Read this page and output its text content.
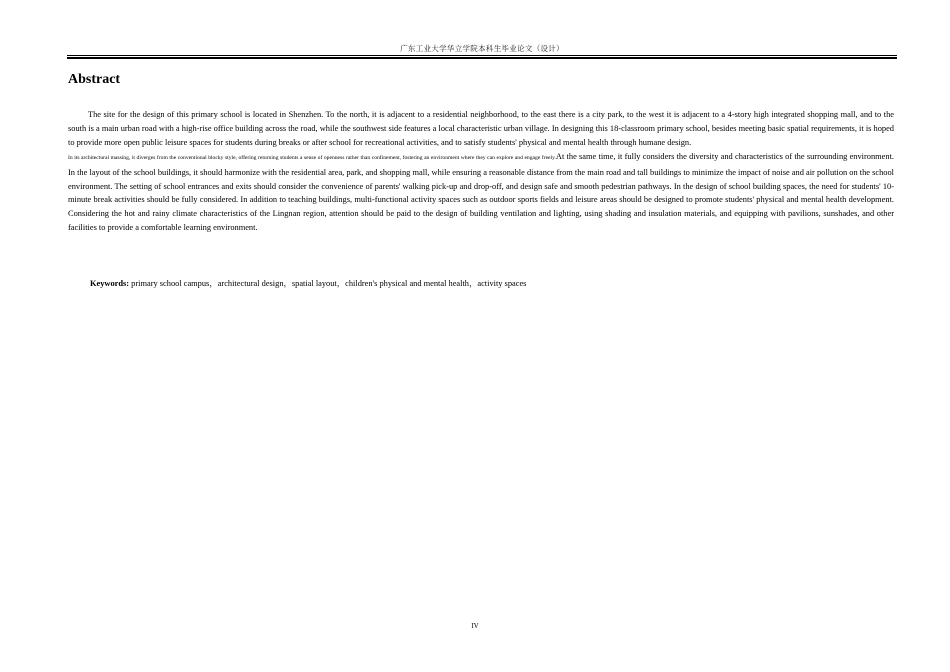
广东工业大学华立学院本科生毕业论文（设计）
Abstract

The site for the design of this primary school is located in Shenzhen. To the north, it is adjacent to a residential neighborhood, to the east there is a city park, to the west it is adjacent to a 4-story high integrated shopping mall, and to the south is a main urban road with a high-rise office building across the road, while the southwest side features a local characteristic urban village. In designing this 18-classroom primary school, besides meeting basic spatial requirements, it is hoped to provide more open public leisure spaces for students during breaks or after school for recreational activities, and to satisfy students' physical and mental health through humane design.

In its architectural massing, it diverges from the conventional blocky style, offering returning students a sense of openness rather than confinement, fostering an environment where they can explore and engage freely.At the same time, it fully considers the diversity and characteristics of the surrounding environment. In the layout of the school buildings, it should harmonize with the residential area, park, and shopping mall, while ensuring a reasonable distance from the main road and tall buildings to minimize the impact of noise and air pollution on the school environment. The setting of school entrances and exits should consider the convenience of parents' walking pick-up and drop-off, and design safe and smooth pedestrian pathways. In the design of school building spaces, the need for students' 10-minute break activities should be fully considered. In addition to teaching buildings, multi-functional activity spaces such as outdoor sports fields and leisure areas should be designed to promote students' physical and mental health development. Considering the hot and rainy climate characteristics of the Lingnan region, attention should be paid to the design of building ventilation and lighting, using shading and insulation materials, and equipping with pavilions, sunshades, and other facilities to provide a comfortable learning environment.

Keywords: primary school campus，architectural design，spatial layout，children's physical and mental health，activity spaces

IV
